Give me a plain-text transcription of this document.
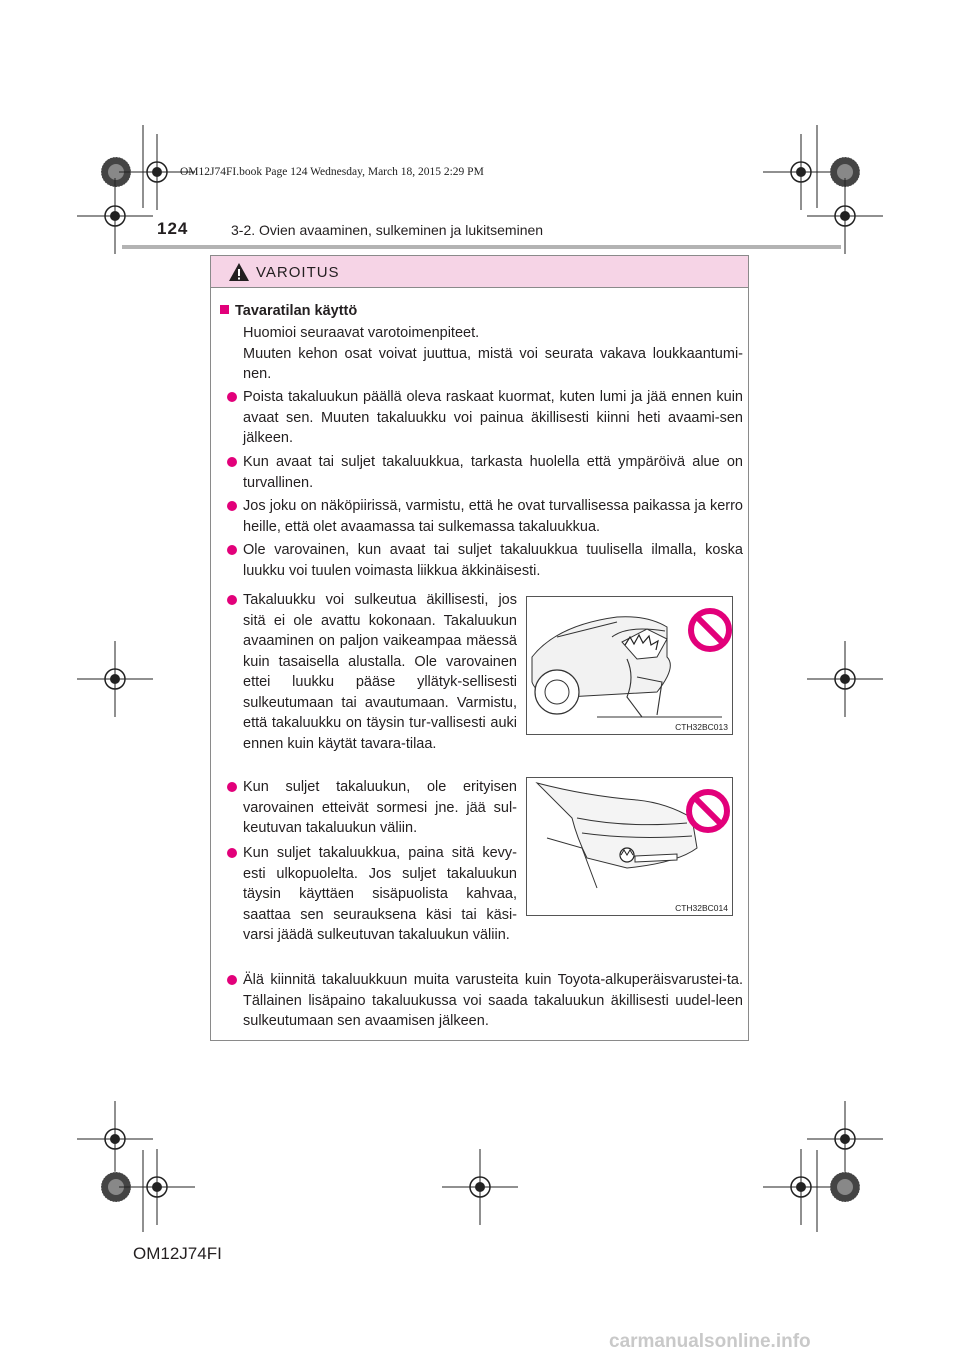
OM12J74FI.book Page 124 Wednesday, March 18, 2015 2:29 PM
124	3-2. Ovien avaaminen, sulkeminen ja lukitseminen
VAROITUS
Tavaratilan käyttö
Huomioi seuraavat varotoimenpiteet.
Muuten kehon osat voivat juuttua, mistä voi seurata vakava loukkaantumi-nen.
Poista takaluukun päällä oleva raskaat kuormat, kuten lumi ja jää ennen kuin avaat sen. Muuten takaluukku voi painua äkillisesti kiinni heti avaami-sen jälkeen.
Kun avaat tai suljet takaluukkua, tarkasta huolella että ympäröivä alue on turvallinen.
Jos joku on näköpiirissä, varmistu, että he ovat turvallisessa paikassa ja kerro heille, että olet avaamassa tai sulkemassa takaluukkua.
Ole varovainen, kun avaat tai suljet takaluukkua tuulisella ilmalla, koska luukku voi tuulen voimasta liikkua äkkinäisesti.
Takaluukku voi sulkeutua äkillisesti, jos sitä ei ole avattu kokonaan. Takaluukun avaaminen on paljon vaikeampaa mäessä kuin tasaisella alustalla. Ole varovainen ettei luukku pääse yllätyk-sellisesti sulkeutumaan tai avautumaan. Varmistu, että takaluukku on täysin tur-vallisesti auki ennen kuin käytät tavara-tilaa.
Kun suljet takaluukun, ole erityisen varovainen etteivät sormesi jne. jää sul-keutuvan takaluukun väliin.
Kun suljet takaluukkua, paina sitä kevy-esti ulkopuolelta. Jos suljet takaluukun täysin käyttäen sisäpuolista kahvaa, saattaa sen seurauksena käsi tai käsi-varsi jäädä sulkeutuvan takaluukun väliin.
Älä kiinnitä takaluukkuun muita varusteita kuin Toyota-alkuperäisvarustei-ta. Tällainen lisäpaino takaluukussa voi saada takaluukun äkillisesti uudel-leen sulkeutumaan sen avaamisen jälkeen.
CTH32BC013
CTH32BC014
OM12J74FI
carmanualsonline.info
